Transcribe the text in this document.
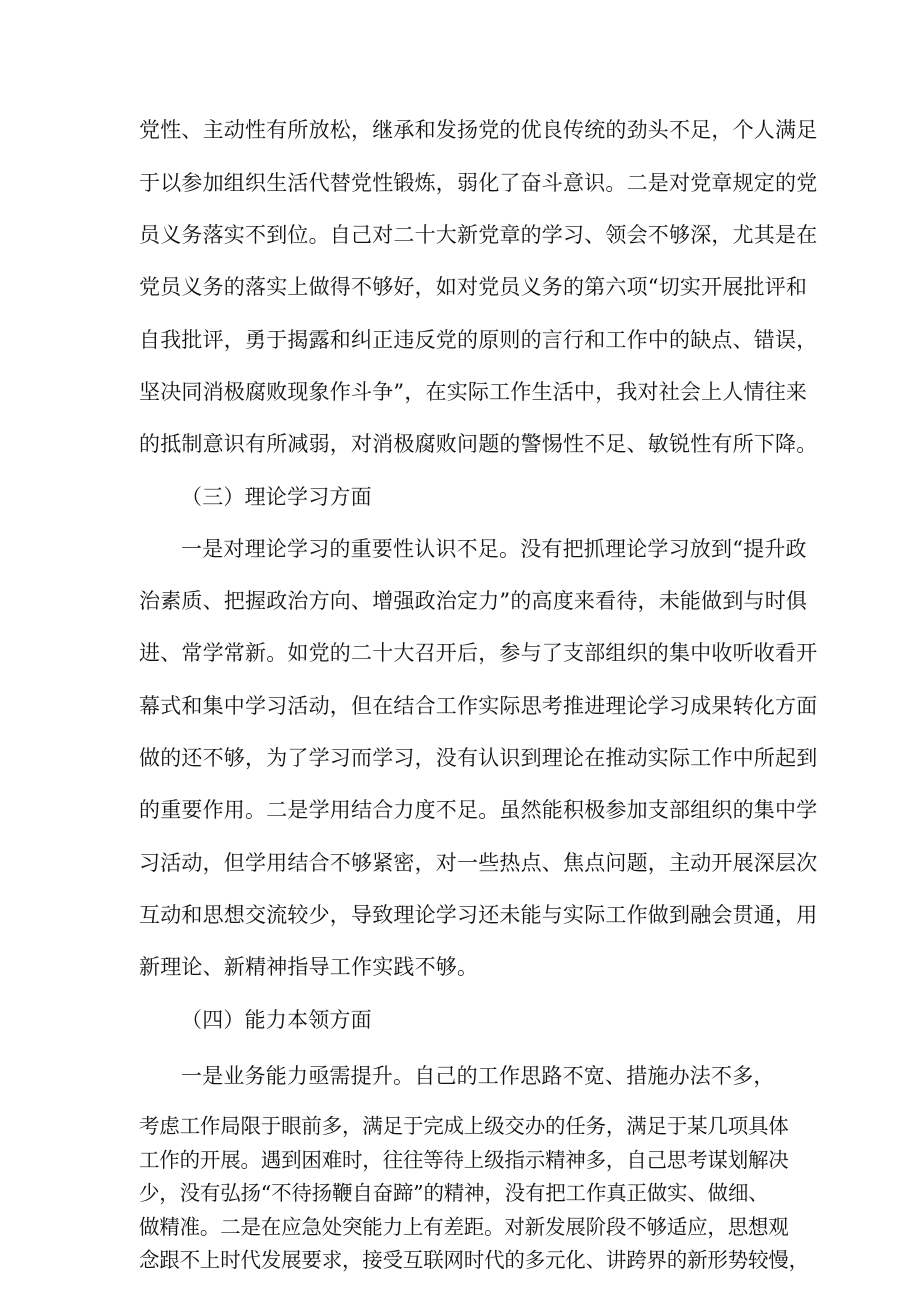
党性、主动性有所放松，继承和发扬党的优良传统的劲头不足，个人满足
于以参加组织生活代替党性锻炼，弱化了奋斗意识。二是对党章规定的党
员义务落实不到位。自己对二十大新党章的学习、领会不够深，尤其是在
党员义务的落实上做得不够好，如对党员义务的第六项“切实开展批评和
自我批评，勇于揭露和纠正违反党的原则的言行和工作中的缺点、错误，
坚决同消极腐败现象作斗争”，在实际工作生活中，我对社会上人情往来
的抵制意识有所减弱，对消极腐败问题的警惕性不足、敏锐性有所下降。
（三）理论学习方面
一是对理论学习的重要性认识不足。没有把抓理论学习放到“提升政
治素质、把握政治方向、增强政治定力”的高度来看待，未能做到与时俱
进、常学常新。如党的二十大召开后，参与了支部组织的集中收听收看开
幕式和集中学习活动，但在结合工作实际思考推进理论学习成果转化方面
做的还不够，为了学习而学习，没有认识到理论在推动实际工作中所起到
的重要作用。二是学用结合力度不足。虽然能积极参加支部组织的集中学
习活动，但学用结合不够紧密，对一些热点、焦点问题，主动开展深层次
互动和思想交流较少，导致理论学习还未能与实际工作做到融会贯通，用
新理论、新精神指导工作实践不够。
（四）能力本领方面
一是业务能力亟需提升。自己的工作思路不宽、措施办法不多，
考虑工作局限于眼前多，满足于完成上级交办的任务，满足于某几项具体
工作的开展。遇到困难时，往往等待上级指示精神多，自己思考谋划解决
少，没有弘扬“不待扬鞭自奋蹄”的精神，没有把工作真正做实、做细、
做精准。二是在应急处突能力上有差距。对新发展阶段不够适应，思想观
念跟不上时代发展要求，接受互联网时代的多元化、讲跨界的新形势较慢，
